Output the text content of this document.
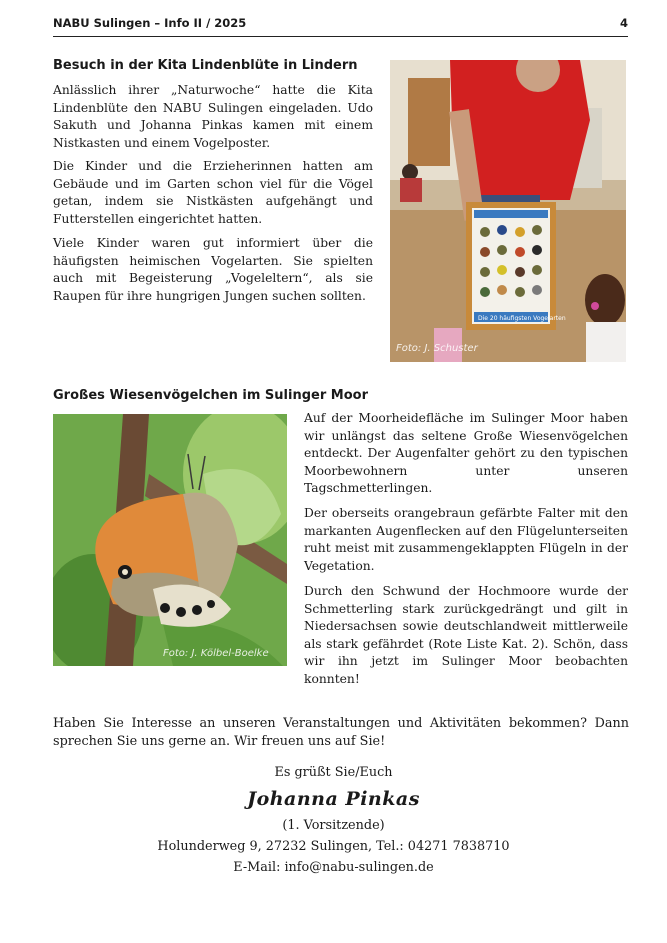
NABU Sulingen – Info II / 2025	4
Besuch in der Kita Lindenblüte in Lindern

Anlässlich ihrer „Naturwoche“ hatte die Kita Lindenblüte den NABU Sulingen eingeladen. Udo Sakuth und Johanna Pinkas kamen mit einem Nistkasten und einem Vogelposter.

Die Kinder und die Erzieherinnen hatten am Gebäude und im Garten schon viel für die Vögel getan, indem sie Nistkästen aufgehängt und Futterstellen eingerichtet hatten.

Viele Kinder waren gut informiert über die häufigsten heimischen Vogelarten. Sie spielten auch mit Begeisterung „Vogeleltern“, als sie Raupen für ihre hungrigen Jungen suchen sollten.

Die 20 häufigsten Vogelarten
Foto: J. Schuster
Großes Wiesenvögelchen im Sulinger Moor
Foto: J. Kölbel-Boelke

Auf der Moorheidefläche im Sulinger Moor haben wir unlängst das seltene Große Wiesenvögelchen entdeckt. Der Augenfalter gehört zu den typischen Moorbewohnern unter unseren Tagschmetterlingen.

Der oberseits orangebraun gefärbte Falter mit den markanten Augenflecken auf den Flügelunterseiten ruht meist mit zusammengeklappten Flügeln in der Vegetation.

Durch den Schwund der Hochmoore wurde der Schmetterling stark zurückgedrängt und gilt in Niedersachsen sowie deutschlandweit mittlerweile als stark gefährdet (Rote Liste Kat. 2). Schön, dass wir ihn jetzt im Sulinger Moor beobachten konnten!

Haben Sie Interesse an unseren Veranstaltungen und Aktivitäten bekommen? Dann sprechen Sie uns gerne an. Wir freuen uns auf Sie!

Es grüßt Sie/Euch
Johanna Pinkas
(1. Vorsitzende)
Holunderweg 9, 27232 Sulingen, Tel.: 04271 7838710
E-Mail: info@nabu-sulingen.de
